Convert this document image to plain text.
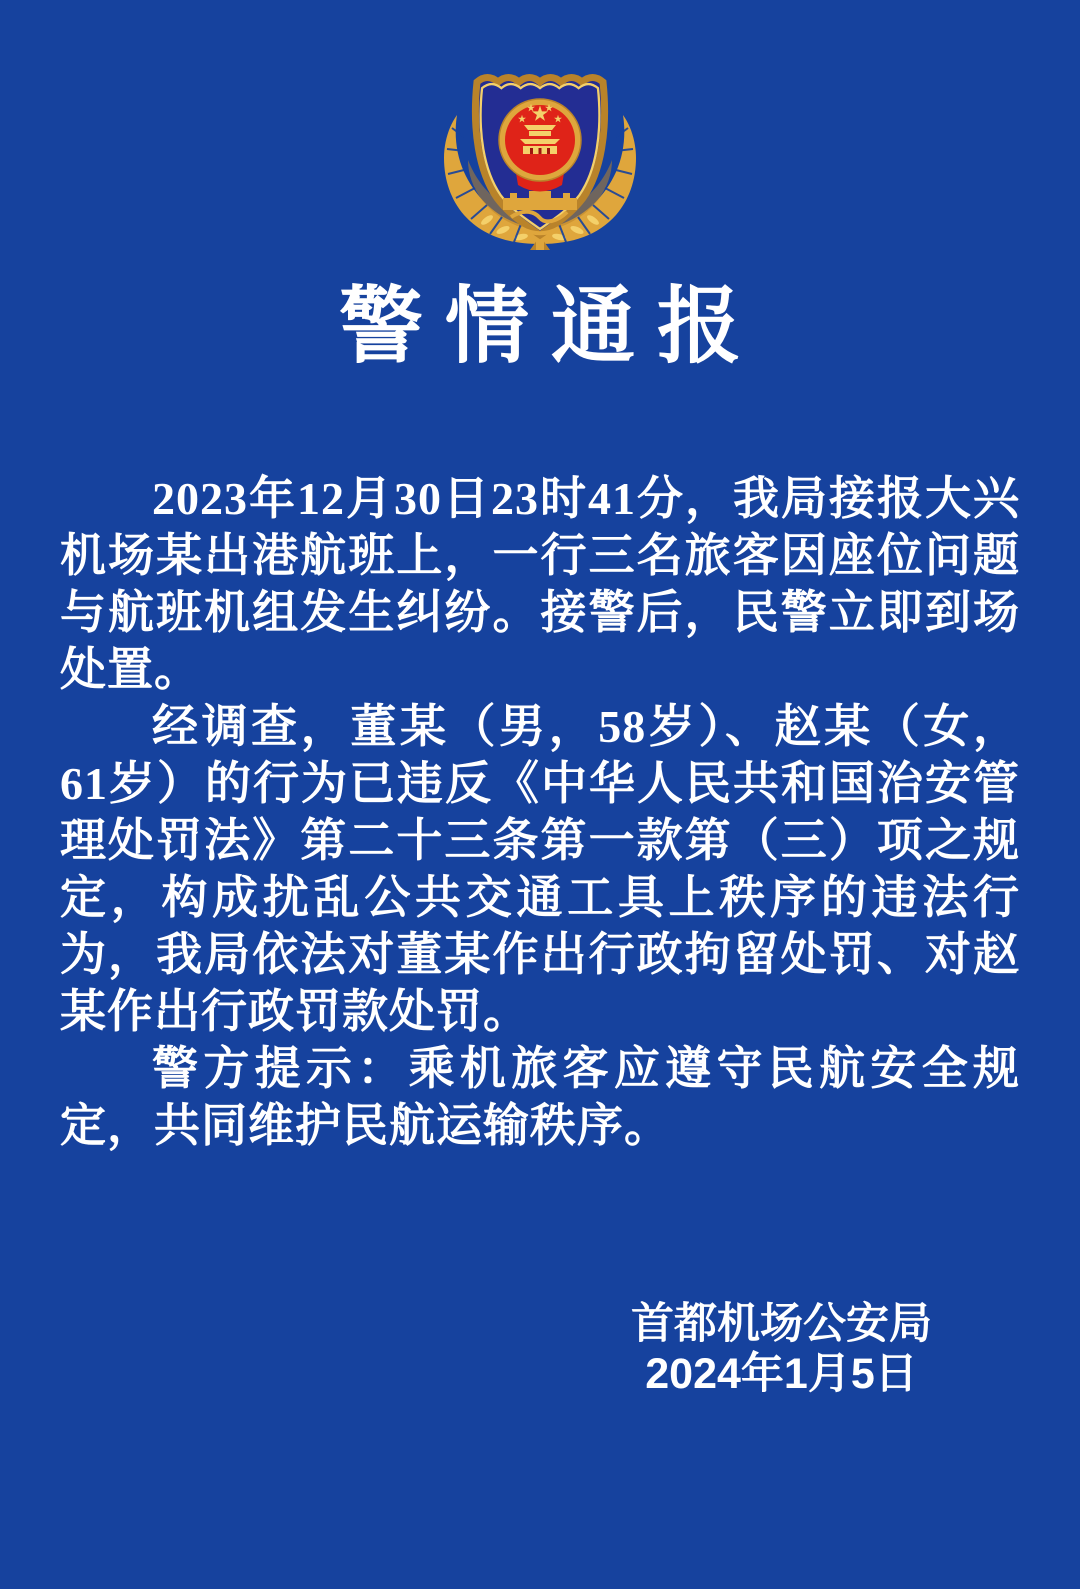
警情通报

2023年12月30日23时41分，我局接报大兴机场某出港航班上，一行三名旅客因座位问题与航班机组发生纠纷。接警后，民警立即到场处置。

经调查，董某（男，58岁）、赵某（女，61岁）的行为已违反《中华人民共和国治安管理处罚法》第二十三条第一款第（三）项之规定，构成扰乱公共交通工具上秩序的违法行为，我局依法对董某作出行政拘留处罚、对赵某作出行政罚款处罚。

警方提示：乘机旅客应遵守民航安全规定，共同维护民航运输秩序。

首都机场公安局
2024年1月5日
